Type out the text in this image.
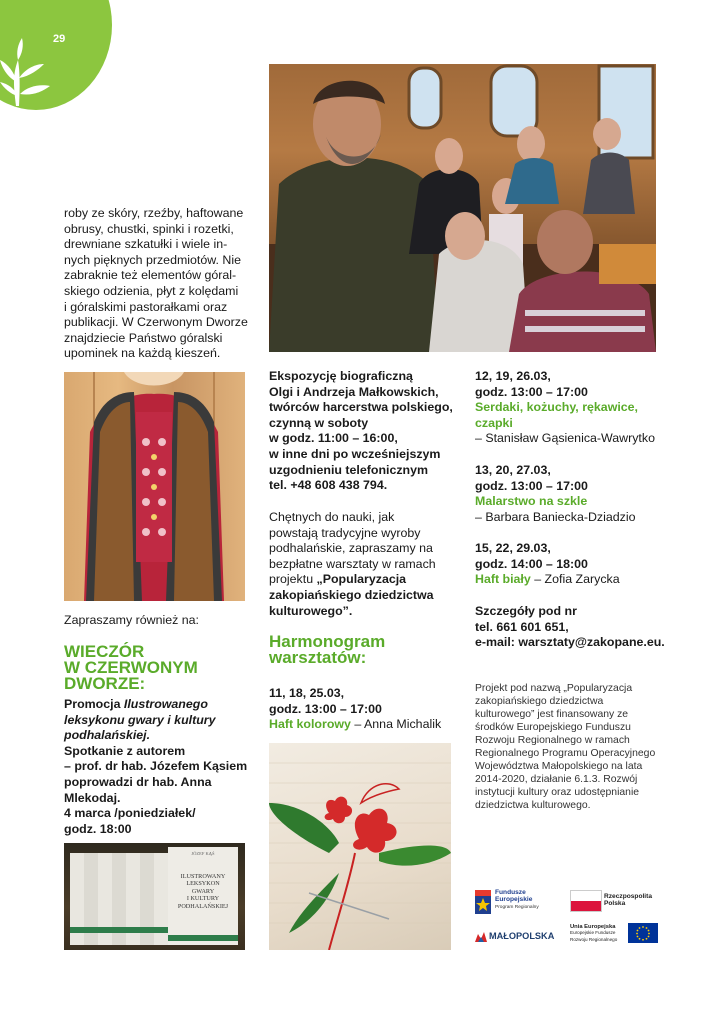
29
roby ze skóry, rzeźby, haftowane
obrusy, chustki, spinki i rozetki,
drewniane szkatułki i wiele in-
nych pięknych przedmiotów. Nie
zabraknie też elementów góral-
skiego odzienia, płyt z kolędami
i góralskimi pastorałkami oraz
publikacji. W Czerwonym Dworze
znajdziecie Państwo góralski
upominek na każdą kieszeń.
Zapraszamy również na:
WIECZÓR
W CZERWONYM
DWORZE:
Promocja Ilustrowanego
leksykonu gwary i kultury
podhalańskiej.
Spotkanie z autorem
– prof. dr hab. Józefem Kąsiem
poprowadzi dr hab. Anna
Mlekodaj.
4 marca /poniedziałek/
godz. 18:00
JÓZEF KĄŚ
ILUSTROWANY
LEKSYKON
GWARY
I KULTURY
PODHALAŃSKIEJ
Ekspozycję biograficzną
Olgi i Andrzeja Małkowskich,
twórców harcerstwa polskiego,
czynną w soboty
w godz. 11:00 – 16:00,
w inne dni po wcześniejszym
uzgodnieniu telefonicznym
tel. +48 608 438 794.
Chętnych do nauki, jak
powstają tradycyjne wyroby
podhalańskie, zapraszamy na
bezpłatne warsztaty w ramach
projektu „Popularyzacja
zakopiańskiego dziedzictwa
kulturowego”.
Harmonogram
warsztatów:
11, 18, 25.03,
godz. 13:00 – 17:00
Haft kolorowy – Anna Michalik
12, 19, 26.03,
godz. 13:00 – 17:00
Serdaki, kożuchy, rękawice,
czapki
– Stanisław Gąsienica-Wawrytko
13, 20, 27.03,
godz. 13:00 – 17:00
Malarstwo na szkle
– Barbara Baniecka-Dziadzio
15, 22, 29.03,
godz. 14:00 – 18:00
Haft biały – Zofia Zarycka
Szczegóły pod nr
tel. 661 601 651,
e-mail: warsztaty@zakopane.eu.
Projekt pod nazwą „Popularyzacja
zakopiańskiego dziedzictwa
kulturowego” jest finansowany ze
środków Europejskiego Funduszu
Rozwoju Regionalnego w ramach
Regionalnego Programu Operacyjnego
Województwa Małopolskiego na lata
2014-2020, działanie 6.1.3. Rozwój
instytucji kultury oraz udostępnianie
dziedzictwa kulturowego.
Fundusze
Europejskie
Program Regionalny
Rzeczpospolita
Polska
MAŁOPOLSKA
Unia Europejska
Europejskie Fundusze
Rozwoju Regionalnego
